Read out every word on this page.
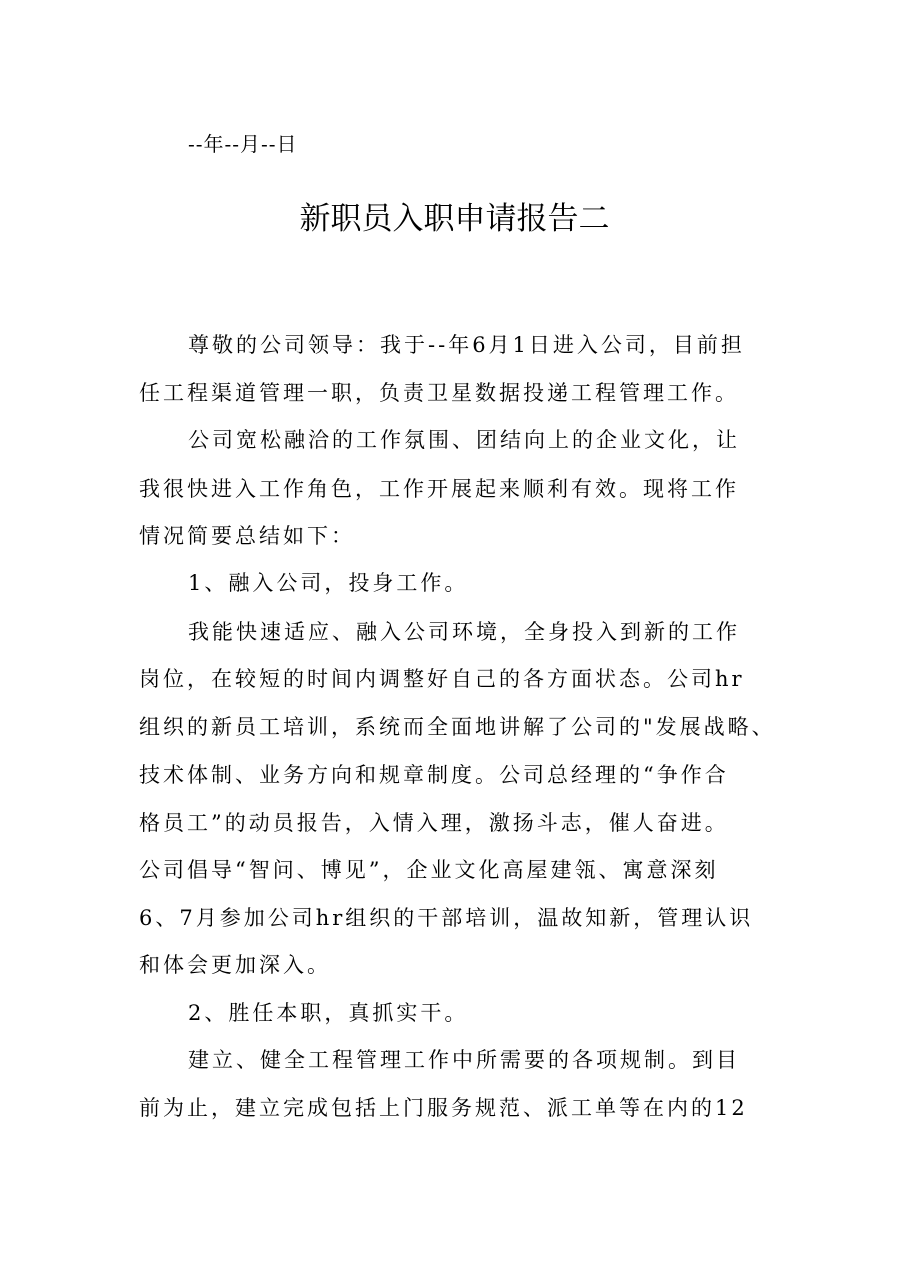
--年--月--日
新职员入职申请报告二
尊敬的公司领导：我于--年6月1日进入公司，目前担
任工程渠道管理一职，负责卫星数据投递工程管理工作。
公司宽松融洽的工作氛围、团结向上的企业文化，让
我很快进入工作角色，工作开展起来顺利有效。现将工作
情况简要总结如下：
1、融入公司，投身工作。
我能快速适应、融入公司环境，全身投入到新的工作
岗位，在较短的时间内调整好自己的各方面状态。公司hr
组织的新员工培训，系统而全面地讲解了公司的"发展战略、
技术体制、业务方向和规章制度。公司总经理的“争作合
格员工”的动员报告，入情入理，激扬斗志，催人奋进。
公司倡导“智问、博见”，企业文化高屋建瓴、寓意深刻
6、7月参加公司hr组织的干部培训，温故知新，管理认识
和体会更加深入。
2、胜任本职，真抓实干。
建立、健全工程管理工作中所需要的各项规制。到目
前为止，建立完成包括上门服务规范、派工单等在内的12
